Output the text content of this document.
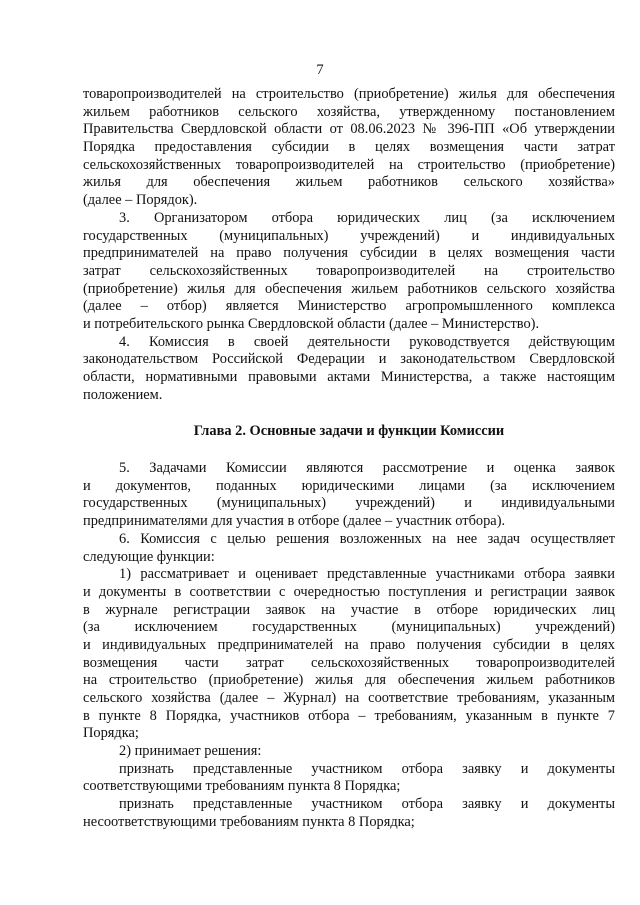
7
товаропроизводителей на строительство (приобретение) жилья для обеспечения
жильем работников сельского хозяйства, утвержденному постановлением
Правительства Свердловской области от 08.06.2023 № 396-ПП «Об утверждении
Порядка предоставления субсидии в целях возмещения части затрат
сельскохозяйственных товаропроизводителей на строительство (приобретение)
жилья для обеспечения жильем работников сельского хозяйства»
(далее – Порядок).
3. Организатором отбора юридических лиц (за исключением
государственных (муниципальных) учреждений) и индивидуальных
предпринимателей на право получения субсидии в целях возмещения части
затрат сельскохозяйственных товаропроизводителей на строительство
(приобретение) жилья для обеспечения жильем работников сельского хозяйства
(далее – отбор) является Министерство агропромышленного комплекса
и потребительского рынка Свердловской области (далее – Министерство).
4. Комиссия в своей деятельности руководствуется действующим
законодательством Российской Федерации и законодательством Свердловской
области, нормативными правовыми актами Министерства, а также настоящим
положением.
Глава 2. Основные задачи и функции Комиссии
5. Задачами Комиссии являются рассмотрение и оценка заявок
и документов, поданных юридическими лицами (за исключением
государственных (муниципальных) учреждений) и индивидуальными
предпринимателями для участия в отборе (далее – участник отбора).
6. Комиссия с целью решения возложенных на нее задач осуществляет
следующие функции:
1) рассматривает и оценивает представленные участниками отбора заявки
и документы в соответствии с очередностью поступления и регистрации заявок
в журнале регистрации заявок на участие в отборе юридических лиц
(за исключением государственных (муниципальных) учреждений)
и индивидуальных предпринимателей на право получения субсидии в целях
возмещения части затрат сельскохозяйственных товаропроизводителей
на строительство (приобретение) жилья для обеспечения жильем работников
сельского хозяйства (далее – Журнал) на соответствие требованиям, указанным
в пункте 8 Порядка, участников отбора – требованиям, указанным в пункте 7
Порядка;
2) принимает решения:
признать представленные участником отбора заявку и документы
соответствующими требованиям пункта 8 Порядка;
признать представленные участником отбора заявку и документы
несоответствующими требованиям пункта 8 Порядка;
